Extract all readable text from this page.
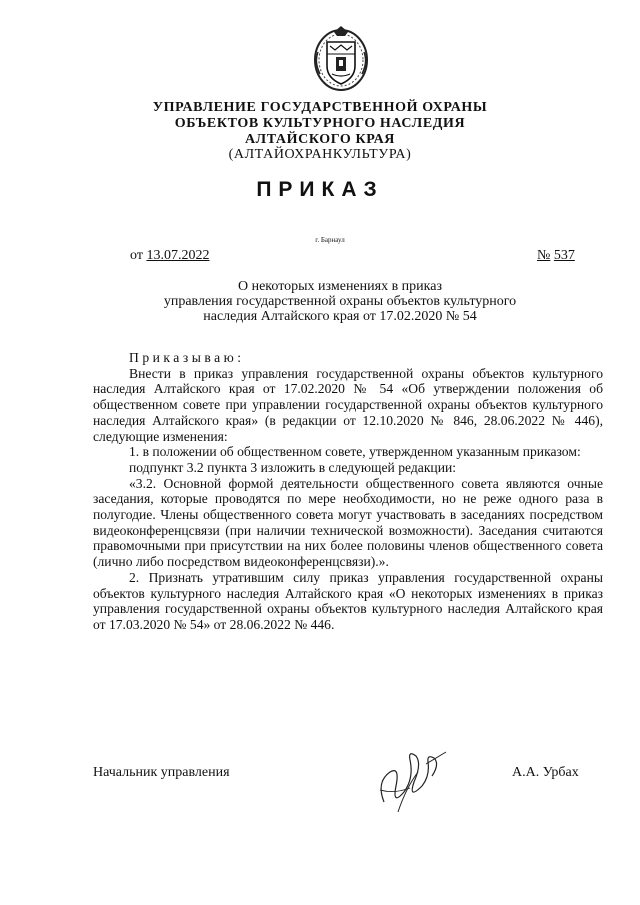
УПРАВЛЕНИЕ ГОСУДАРСТВЕННОЙ ОХРАНЫ
ОБЪЕКТОВ КУЛЬТУРНОГО НАСЛЕДИЯ
АЛТАЙСКОГО КРАЯ
(АЛТАЙОХРАНКУЛЬТУРА)
ПРИКАЗ
г. Барнаул
от 13.07.2022	№ 537
О некоторых изменениях в приказ
управления государственной охраны объектов культурного
наследия Алтайского края от 17.02.2020 № 54

Приказываю:

Внести в приказ управления государственной охраны объектов культурного наследия Алтайского края от 17.02.2020 № 54 «Об утверждении положения об общественном совете при управлении государственной охраны объектов культурного наследия Алтайского края» (в редакции от 12.10.2020 № 846, 28.06.2022 № 446), следующие изменения:

1. в положении об общественном совете, утвержденном указанным приказом:

подпункт 3.2 пункта 3 изложить в следующей редакции:

«3.2. Основной формой деятельности общественного совета являются очные заседания, которые проводятся по мере необходимости, но не реже одного раза в полугодие. Члены общественного совета могут участвовать в заседаниях посредством видеоконференцсвязи (при наличии технической возможности). Заседания считаются правомочными при присутствии на них более половины членов общественного совета (лично либо посредством видеоконференцсвязи).».

2. Признать утратившим силу приказ управления государственной охраны объектов культурного наследия Алтайского края «О некоторых изменениях в приказ управления государственной охраны объектов культурного наследия Алтайского края от 17.03.2020 № 54» от 28.06.2022 № 446.

Начальник управления	А.А. Урбах
